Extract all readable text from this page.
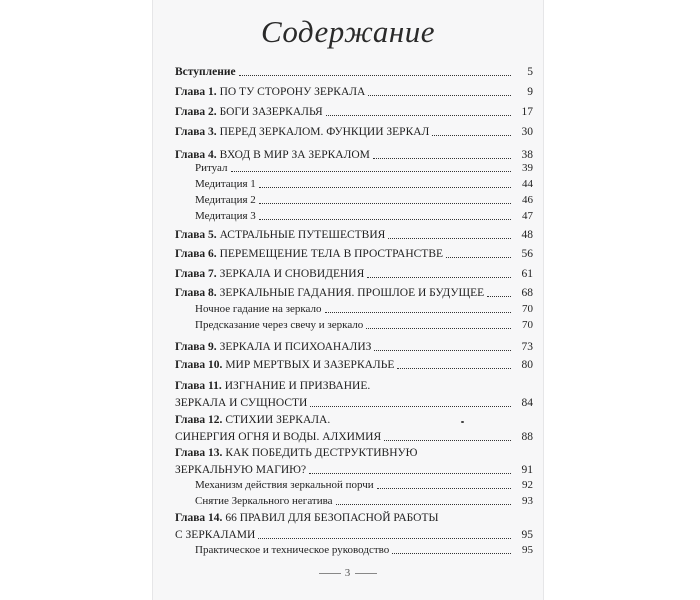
Содержание
Вступление	5
Глава 1. ПО ТУ СТОРОНУ ЗЕРКАЛА	9
Глава 2. БОГИ ЗАЗЕРКАЛЬЯ	17
Глава 3. ПЕРЕД ЗЕРКАЛОМ. ФУНКЦИИ ЗЕРКАЛ	30
Глава 4. ВХОД В МИР ЗА ЗЕРКАЛОМ	38
Ритуал	39
Медитация 1	44
Медитация 2	46
Медитация 3	47
Глава 5. АСТРАЛЬНЫЕ ПУТЕШЕСТВИЯ	48
Глава 6. ПЕРЕМЕЩЕНИЕ ТЕЛА В ПРОСТРАНСТВЕ	56
Глава 7. ЗЕРКАЛА И СНОВИДЕНИЯ	61
Глава 8. ЗЕРКАЛЬНЫЕ ГАДАНИЯ. ПРОШЛОЕ И БУДУЩЕЕ	68
Ночное гадание на зеркало	70
Предсказание через свечу и зеркало	70
Глава 9. ЗЕРКАЛА И ПСИХОАНАЛИЗ	73
Глава 10. МИР МЕРТВЫХ И ЗАЗЕРКАЛЬЕ	80
Глава 11. ИЗГНАНИЕ И ПРИЗВАНИЕ.
ЗЕРКАЛА И СУЩНОСТИ	84
Глава 12. СТИХИИ ЗЕРКАЛА.
СИНЕРГИЯ ОГНЯ И ВОДЫ. АЛХИМИЯ	88
Глава 13. КАК ПОБЕДИТЬ ДЕСТРУКТИВНУЮ
ЗЕРКАЛЬНУЮ МАГИЮ?	91
Механизм действия зеркальной порчи	92
Снятие Зеркального негатива	93
Глава 14. 66 ПРАВИЛ ДЛЯ БЕЗОПАСНОЙ РАБОТЫ
С ЗЕРКАЛАМИ	95
Практическое и техническое руководство	95
3
